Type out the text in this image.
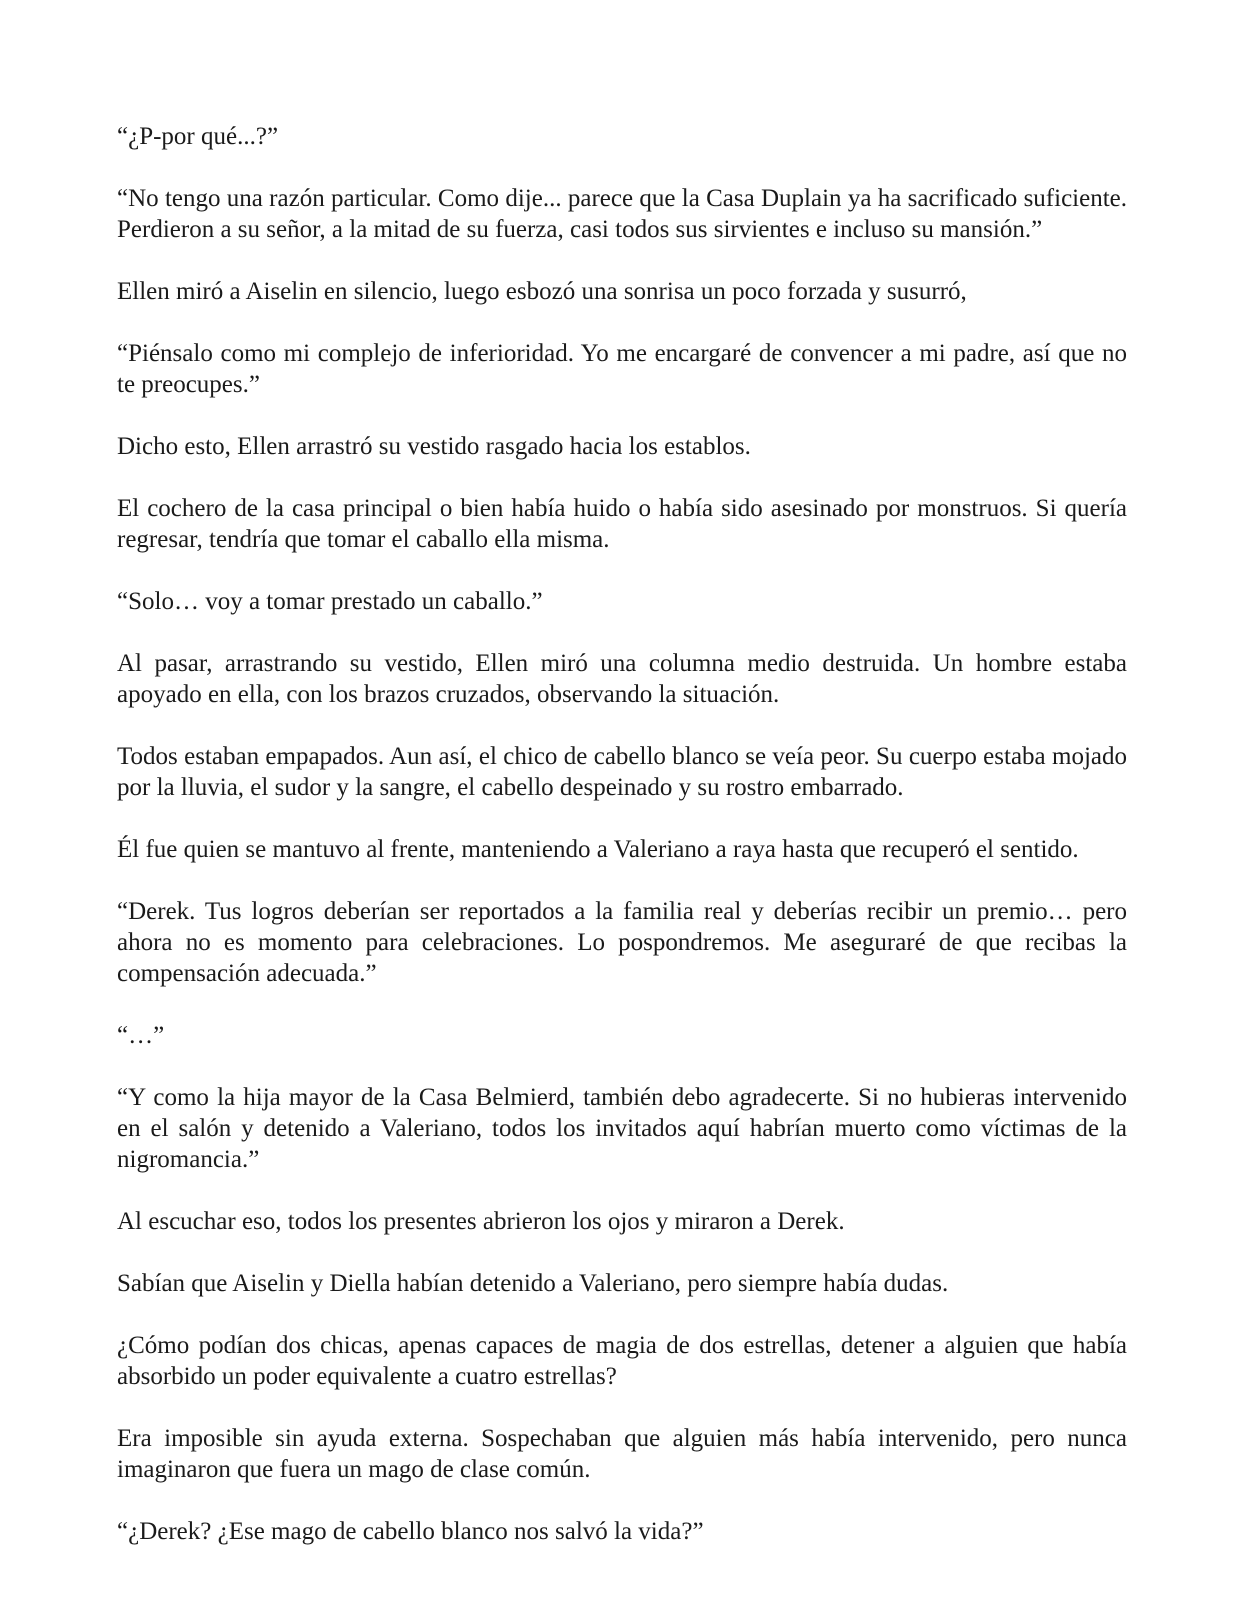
“¿P-por qué...?”

“No tengo una razón particular. Como dije... parece que la Casa Duplain ya ha sacrificado suficiente. Perdieron a su señor, a la mitad de su fuerza, casi todos sus sirvientes e incluso su mansión.”

Ellen miró a Aiselin en silencio, luego esbozó una sonrisa un poco forzada y susurró,

“Piénsalo como mi complejo de inferioridad. Yo me encargaré de convencer a mi padre, así que no te preocupes.”

Dicho esto, Ellen arrastró su vestido rasgado hacia los establos.

El cochero de la casa principal o bien había huido o había sido asesinado por monstruos. Si quería regresar, tendría que tomar el caballo ella misma.

“Solo… voy a tomar prestado un caballo.”

Al pasar, arrastrando su vestido, Ellen miró una columna medio destruida. Un hombre estaba apoyado en ella, con los brazos cruzados, observando la situación.

Todos estaban empapados. Aun así, el chico de cabello blanco se veía peor. Su cuerpo estaba mojado por la lluvia, el sudor y la sangre, el cabello despeinado y su rostro embarrado.

Él fue quien se mantuvo al frente, manteniendo a Valeriano a raya hasta que recuperó el sentido.

“Derek. Tus logros deberían ser reportados a la familia real y deberías recibir un premio… pero ahora no es momento para celebraciones. Lo pospondremos. Me aseguraré de que recibas la compensación adecuada.”

“…”

“Y como la hija mayor de la Casa Belmierd, también debo agradecerte. Si no hubieras intervenido en el salón y detenido a Valeriano, todos los invitados aquí habrían muerto como víctimas de la nigromancia.”

Al escuchar eso, todos los presentes abrieron los ojos y miraron a Derek.

Sabían que Aiselin y Diella habían detenido a Valeriano, pero siempre había dudas.

¿Cómo podían dos chicas, apenas capaces de magia de dos estrellas, detener a alguien que había absorbido un poder equivalente a cuatro estrellas?

Era imposible sin ayuda externa. Sospechaban que alguien más había intervenido, pero nunca imaginaron que fuera un mago de clase común.

“¿Derek? ¿Ese mago de cabello blanco nos salvó la vida?”
